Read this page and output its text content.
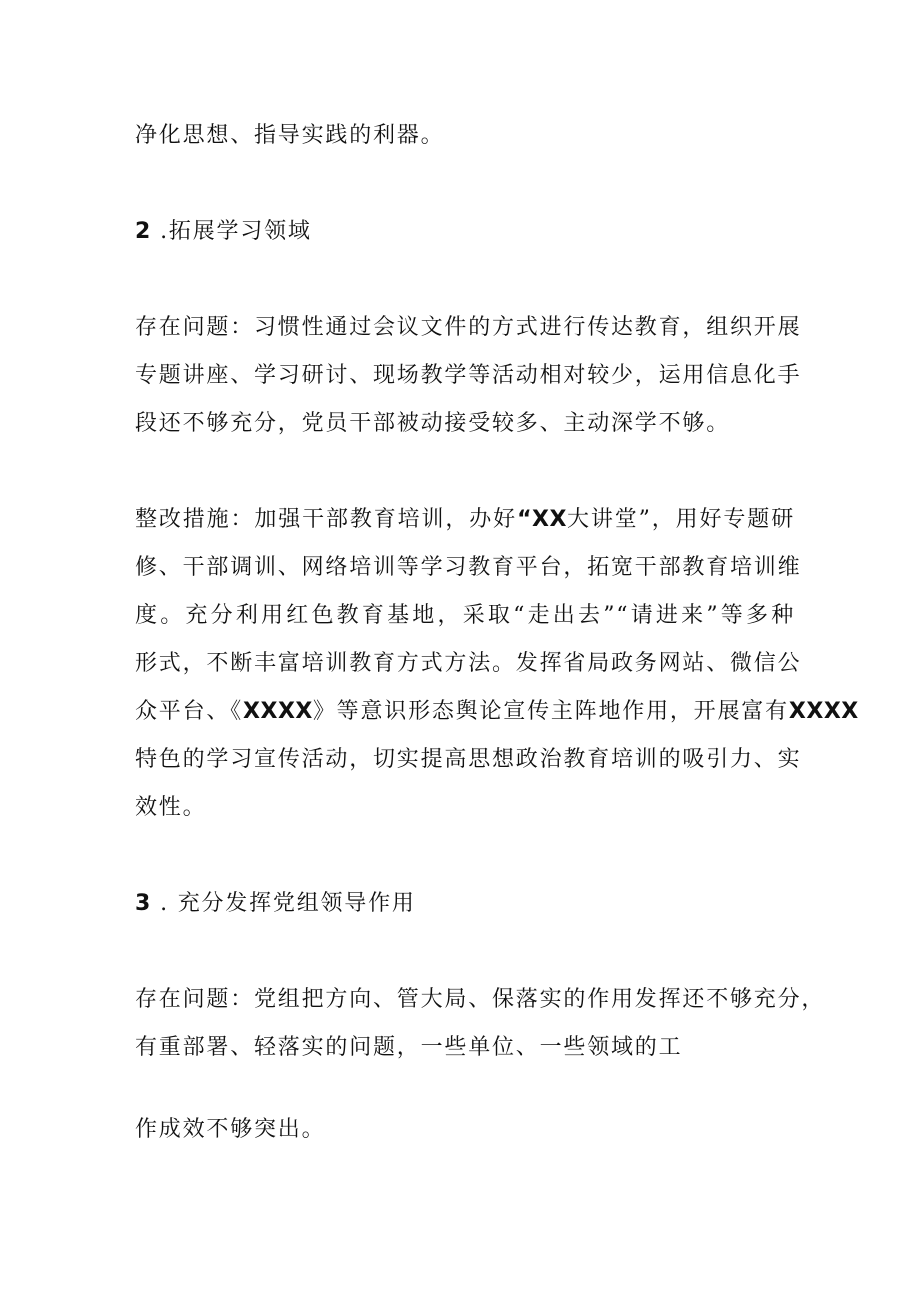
净化思想、指导实践的利器。
2 .拓展学习领域
存在问题：习惯性通过会议文件的方式进行传达教育，组织开展
专题讲座、学习研讨、现场教学等活动相对较少，运用信息化手
段还不够充分，党员干部被动接受较多、主动深学不够。
整改措施：加强干部教育培训，办好“XX大讲堂”，用好专题研
修、干部调训、网络培训等学习教育平台，拓宽干部教育培训维
度。充分利用红色教育基地，采取“走出去”“请进来”等多种
形式，不断丰富培训教育方式方法。发挥省局政务网站、微信公
众平台、《XXXX》等意识形态舆论宣传主阵地作用，开展富有XXXX
特色的学习宣传活动，切实提高思想政治教育培训的吸引力、实
效性。
3 . 充分发挥党组领导作用
存在问题：党组把方向、管大局、保落实的作用发挥还不够充分，
有重部署、轻落实的问题，一些单位、一些领域的工
作成效不够突出。
